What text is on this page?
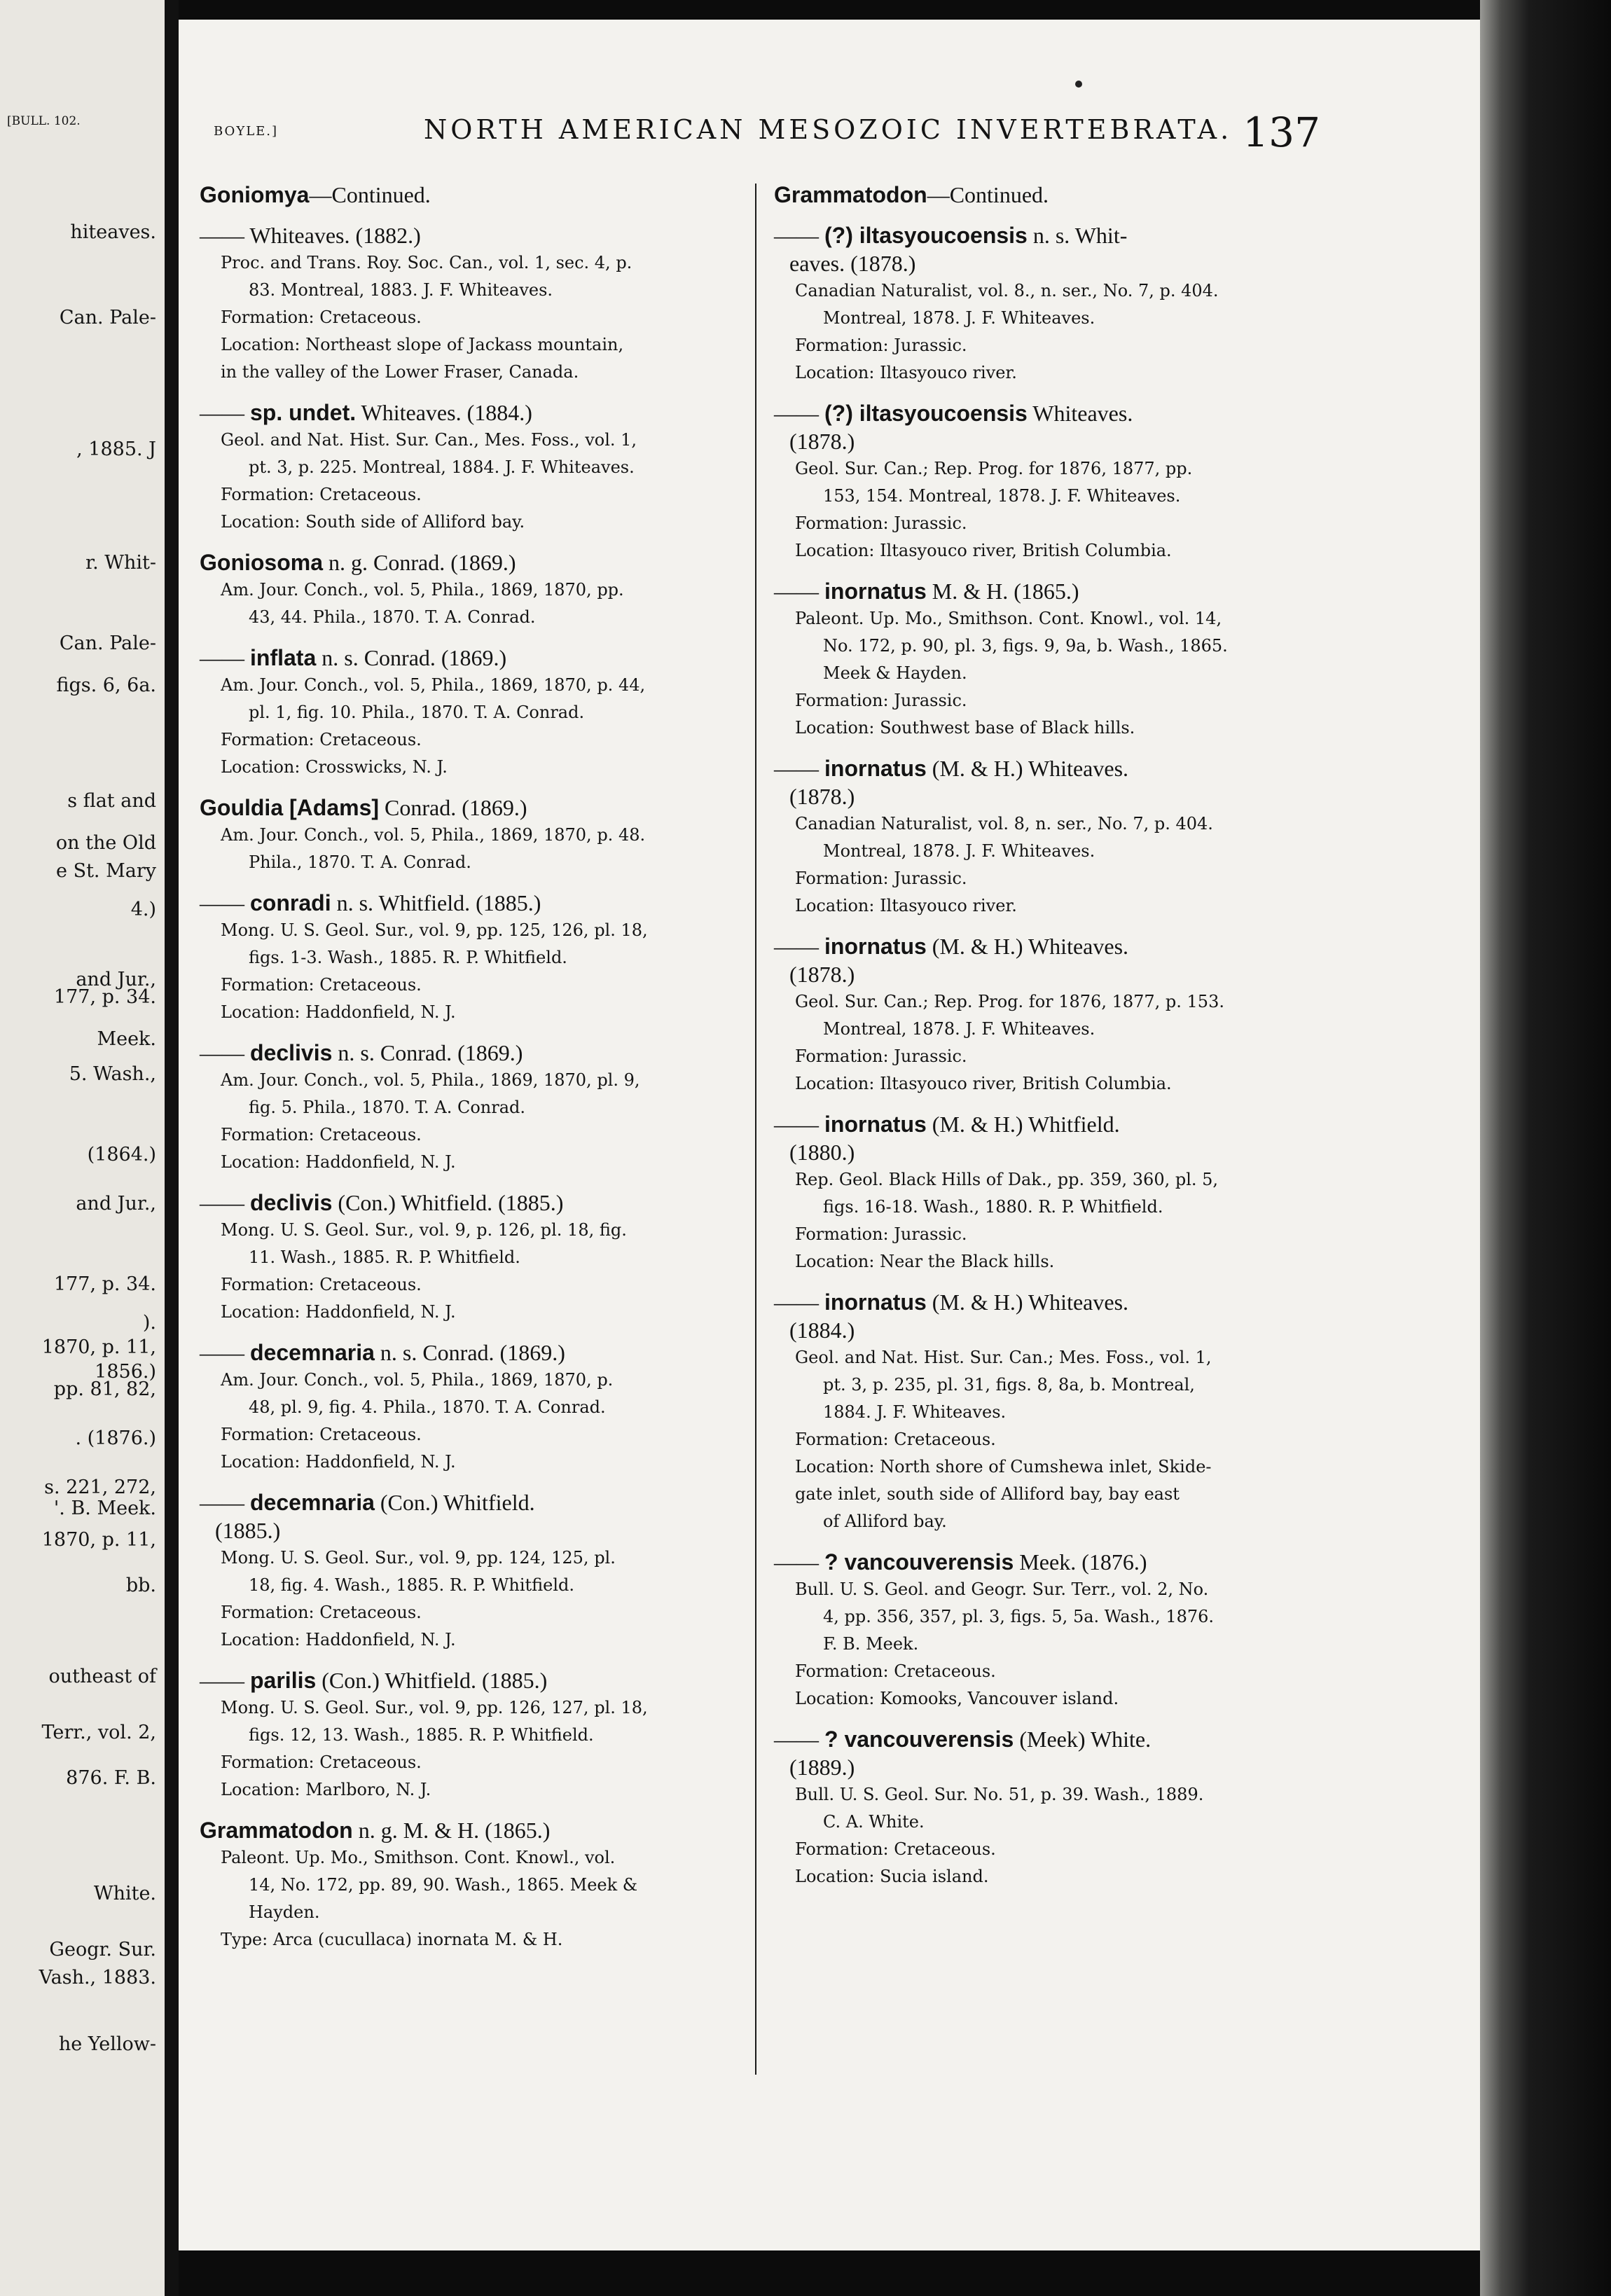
[BULL. 102.
hiteaves.
Can. Pale-
, 1885. J
r. Whit-
Can. Pale-
figs. 6, 6a.
s flat and
on the Old
e St. Mary
4.)
and Jur.,
177, p. 34.
Meek.
5. Wash.,
(1864.)
and Jur.,
177, p. 34.
).
1870, p. 11,
1856.)
pp. 81, 82,
. (1876.)
s. 221, 272,
'. B. Meek.
1870, p. 11,
bb.
outheast of
Terr., vol. 2,
876. F. B.
White.
Geogr. Sur.
Vash., 1883.
he Yellow-
BOYLE.]	NORTH AMERICAN MESOZOIC INVERTEBRATA. 137
Goniomya—Continued.
—— Whiteaves. (1882.)
Proc. and Trans. Roy. Soc. Can., vol. 1, sec. 4, p.
83. Montreal, 1883. J. F. Whiteaves.
Formation: Cretaceous.
Location: Northeast slope of Jackass mountain,
in the valley of the Lower Fraser, Canada.
—— sp. undet. Whiteaves. (1884.)
Geol. and Nat. Hist. Sur. Can., Mes. Foss., vol. 1,
pt. 3, p. 225. Montreal, 1884. J. F. Whiteaves.
Formation: Cretaceous.
Location: South side of Alliford bay.
Goniosoma n. g. Conrad. (1869.)
Am. Jour. Conch., vol. 5, Phila., 1869, 1870, pp.
43, 44. Phila., 1870. T. A. Conrad.
—— inflata n. s. Conrad. (1869.)
Am. Jour. Conch., vol. 5, Phila., 1869, 1870, p. 44,
pl. 1, fig. 10. Phila., 1870. T. A. Conrad.
Formation: Cretaceous.
Location: Crosswicks, N. J.
Gouldia [Adams] Conrad. (1869.)
Am. Jour. Conch., vol. 5, Phila., 1869, 1870, p. 48.
Phila., 1870. T. A. Conrad.
—— conradi n. s. Whitfield. (1885.)
Mong. U. S. Geol. Sur., vol. 9, pp. 125, 126, pl. 18,
figs. 1-3. Wash., 1885. R. P. Whitfield.
Formation: Cretaceous.
Location: Haddonfield, N. J.
—— declivis n. s. Conrad. (1869.)
Am. Jour. Conch., vol. 5, Phila., 1869, 1870, pl. 9,
fig. 5. Phila., 1870. T. A. Conrad.
Formation: Cretaceous.
Location: Haddonfield, N. J.
—— declivis (Con.) Whitfield. (1885.)
Mong. U. S. Geol. Sur., vol. 9, p. 126, pl. 18, fig.
11. Wash., 1885. R. P. Whitfield.
Formation: Cretaceous.
Location: Haddonfield, N. J.
—— decemnaria n. s. Conrad. (1869.)
Am. Jour. Conch., vol. 5, Phila., 1869, 1870, p.
48, pl. 9, fig. 4. Phila., 1870. T. A. Conrad.
Formation: Cretaceous.
Location: Haddonfield, N. J.
—— decemnaria (Con.) Whitfield.
(1885.)
Mong. U. S. Geol. Sur., vol. 9, pp. 124, 125, pl.
18, fig. 4. Wash., 1885. R. P. Whitfield.
Formation: Cretaceous.
Location: Haddonfield, N. J.
—— parilis (Con.) Whitfield. (1885.)
Mong. U. S. Geol. Sur., vol. 9, pp. 126, 127, pl. 18,
figs. 12, 13. Wash., 1885. R. P. Whitfield.
Formation: Cretaceous.
Location: Marlboro, N. J.
Grammatodon n. g. M. & H. (1865.)
Paleont. Up. Mo., Smithson. Cont. Knowl., vol.
14, No. 172, pp. 89, 90. Wash., 1865. Meek &
Hayden.
Type: Arca (cucullaca) inornata M. & H.
Grammatodon—Continued.
—— (?) iltasyoucoensis n. s. Whit-
eaves. (1878.)
Canadian Naturalist, vol. 8., n. ser., No. 7, p. 404.
Montreal, 1878. J. F. Whiteaves.
Formation: Jurassic.
Location: Iltasyouco river.
—— (?) iltasyoucoensis Whiteaves.
(1878.)
Geol. Sur. Can.; Rep. Prog. for 1876, 1877, pp.
153, 154. Montreal, 1878. J. F. Whiteaves.
Formation: Jurassic.
Location: Iltasyouco river, British Columbia.
—— inornatus M. & H. (1865.)
Paleont. Up. Mo., Smithson. Cont. Knowl., vol. 14,
No. 172, p. 90, pl. 3, figs. 9, 9a, b. Wash., 1865.
Meek & Hayden.
Formation: Jurassic.
Location: Southwest base of Black hills.
—— inornatus (M. & H.) Whiteaves.
(1878.)
Canadian Naturalist, vol. 8, n. ser., No. 7, p. 404.
Montreal, 1878. J. F. Whiteaves.
Formation: Jurassic.
Location: Iltasyouco river.
—— inornatus (M. & H.) Whiteaves.
(1878.)
Geol. Sur. Can.; Rep. Prog. for 1876, 1877, p. 153.
Montreal, 1878. J. F. Whiteaves.
Formation: Jurassic.
Location: Iltasyouco river, British Columbia.
—— inornatus (M. & H.) Whitfield.
(1880.)
Rep. Geol. Black Hills of Dak., pp. 359, 360, pl. 5,
figs. 16-18. Wash., 1880. R. P. Whitfield.
Formation: Jurassic.
Location: Near the Black hills.
—— inornatus (M. & H.) Whiteaves.
(1884.)
Geol. and Nat. Hist. Sur. Can.; Mes. Foss., vol. 1,
pt. 3, p. 235, pl. 31, figs. 8, 8a, b. Montreal,
1884. J. F. Whiteaves.
Formation: Cretaceous.
Location: North shore of Cumshewa inlet, Skide-
gate inlet, south side of Alliford bay, bay east
of Alliford bay.
—— ? vancouverensis Meek. (1876.)
Bull. U. S. Geol. and Geogr. Sur. Terr., vol. 2, No.
4, pp. 356, 357, pl. 3, figs. 5, 5a. Wash., 1876.
F. B. Meek.
Formation: Cretaceous.
Location: Komooks, Vancouver island.
—— ? vancouverensis (Meek) White.
(1889.)
Bull. U. S. Geol. Sur. No. 51, p. 39. Wash., 1889.
C. A. White.
Formation: Cretaceous.
Location: Sucia island.
